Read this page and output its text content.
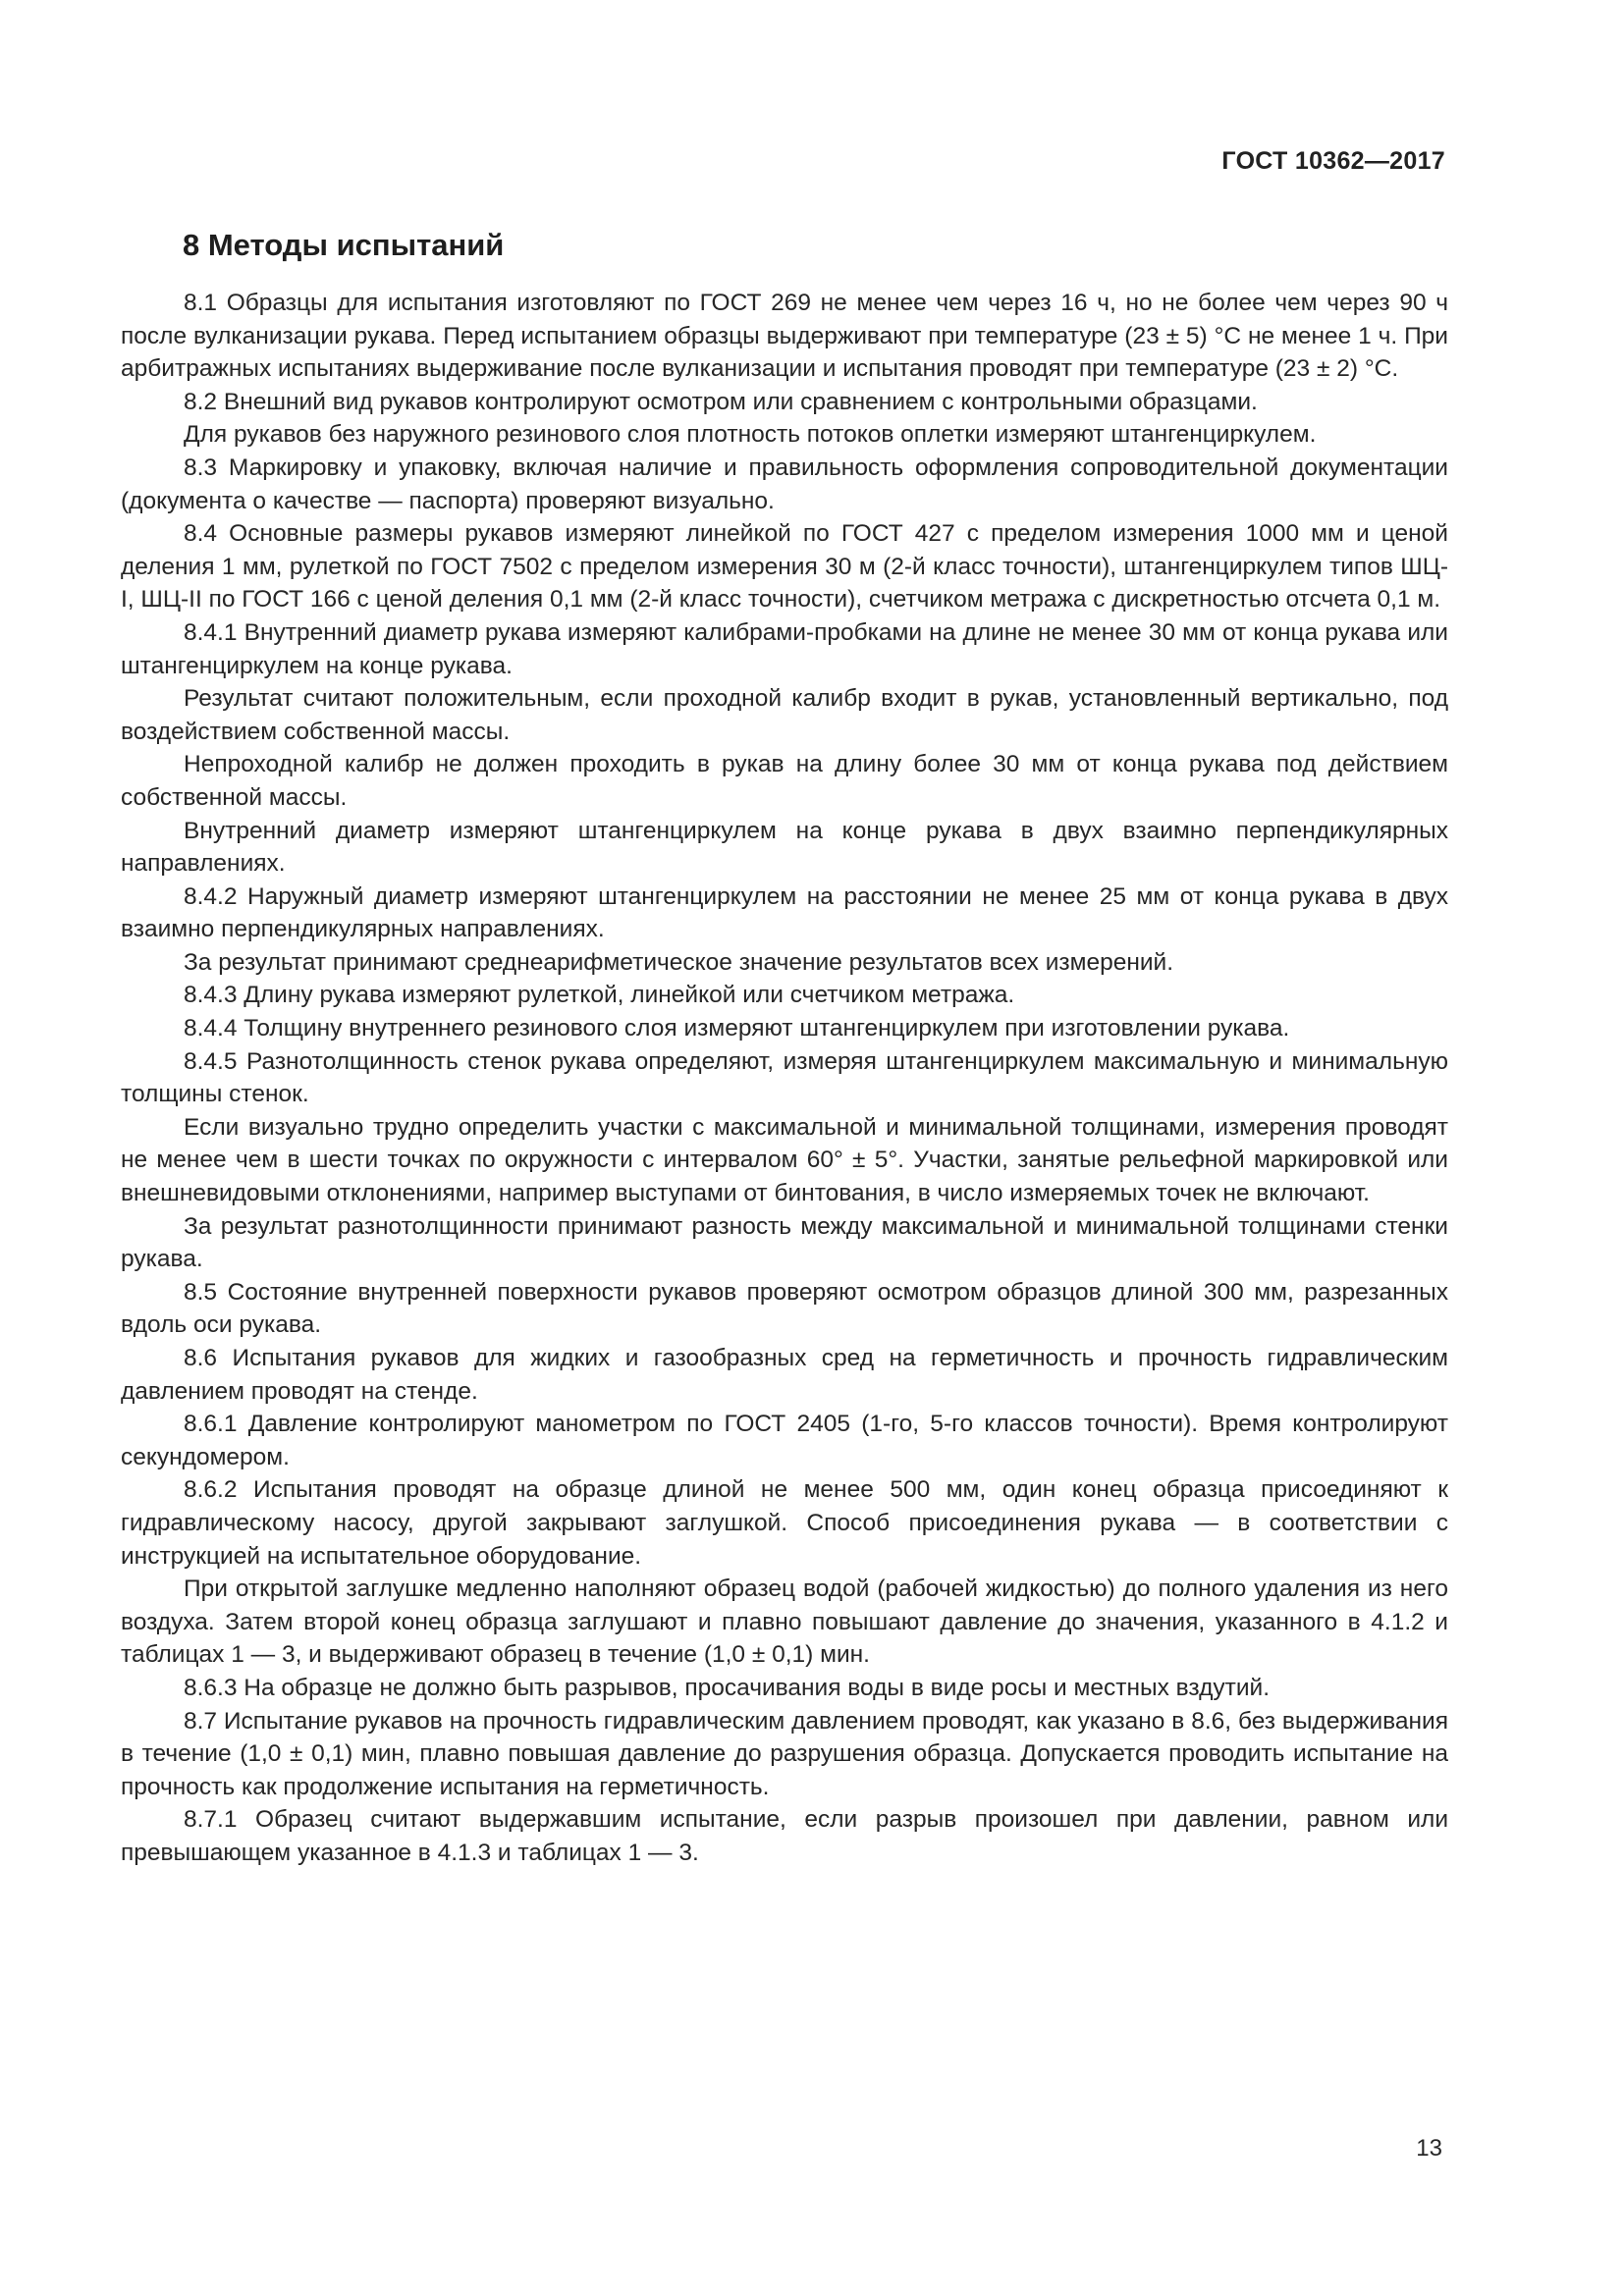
ГОСТ 10362—2017
8 Методы испытаний

8.1 Образцы для испытания изготовляют по ГОСТ 269 не менее чем через 16 ч, но не более чем через 90 ч после вулканизации рукава. Перед испытанием образцы выдерживают при температуре (23 ± 5) °С не менее 1 ч. При арбитражных испытаниях выдерживание после вулканизации и испытания проводят при температуре (23 ± 2) °С.

8.2 Внешний вид рукавов контролируют осмотром или сравнением с контрольными образцами.

Для рукавов без наружного резинового слоя плотность потоков оплетки измеряют штангенциркулем.

8.3 Маркировку и упаковку, включая наличие и правильность оформления сопроводительной документации (документа о качестве — паспорта) проверяют визуально.

8.4 Основные размеры рукавов измеряют линейкой по ГОСТ 427 с пределом измерения 1000 мм и ценой деления 1 мм, рулеткой по ГОСТ 7502 с пределом измерения 30 м (2-й класс точности), штангенциркулем типов ШЦ-I, ШЦ-II по ГОСТ 166 с ценой деления 0,1 мм (2-й класс точности), счетчиком метража с дискретностью отсчета 0,1 м.

8.4.1 Внутренний диаметр рукава измеряют калибрами-пробками на длине не менее 30 мм от конца рукава или штангенциркулем на конце рукава.

Результат считают положительным, если проходной калибр входит в рукав, установленный вертикально, под воздействием собственной массы.

Непроходной калибр не должен проходить в рукав на длину более 30 мм от конца рукава под действием собственной массы.

Внутренний диаметр измеряют штангенциркулем на конце рукава в двух взаимно перпендикулярных направлениях.

8.4.2 Наружный диаметр измеряют штангенциркулем на расстоянии не менее 25 мм от конца рукава в двух взаимно перпендикулярных направлениях.

За результат принимают среднеарифметическое значение результатов всех измерений.

8.4.3 Длину рукава измеряют рулеткой, линейкой или счетчиком метража.

8.4.4 Толщину внутреннего резинового слоя измеряют штангенциркулем при изготовлении рукава.

8.4.5 Разнотолщинность стенок рукава определяют, измеряя штангенциркулем максимальную и минимальную толщины стенок.

Если визуально трудно определить участки с максимальной и минимальной толщинами, измерения проводят не менее чем в шести точках по окружности с интервалом 60° ± 5°. Участки, занятые рельефной маркировкой или внешневидовыми отклонениями, например выступами от бинтования, в число измеряемых точек не включают.

За результат разнотолщинности принимают разность между максимальной и минимальной толщинами стенки рукава.

8.5 Состояние внутренней поверхности рукавов проверяют осмотром образцов длиной 300 мм, разрезанных вдоль оси рукава.

8.6 Испытания рукавов для жидких и газообразных сред на герметичность и прочность гидравлическим давлением проводят на стенде.

8.6.1 Давление контролируют манометром по ГОСТ 2405 (1-го, 5-го классов точности). Время контролируют секундомером.

8.6.2 Испытания проводят на образце длиной не менее 500 мм, один конец образца присоединяют к гидравлическому насосу, другой закрывают заглушкой. Способ присоединения рукава — в соответствии с инструкцией на испытательное оборудование.

При открытой заглушке медленно наполняют образец водой (рабочей жидкостью) до полного удаления из него воздуха. Затем второй конец образца заглушают и плавно повышают давление до значения, указанного в 4.1.2 и таблицах 1 — 3, и выдерживают образец в течение (1,0 ± 0,1) мин.

8.6.3 На образце не должно быть разрывов, просачивания воды в виде росы и местных вздутий.

8.7 Испытание рукавов на прочность гидравлическим давлением проводят, как указано в 8.6, без выдерживания в течение (1,0 ± 0,1) мин, плавно повышая давление до разрушения образца. Допускается проводить испытание на прочность как продолжение испытания на герметичность.

8.7.1 Образец считают выдержавшим испытание, если разрыв произошел при давлении, равном или превышающем указанное в 4.1.3 и таблицах 1 — 3.

13
